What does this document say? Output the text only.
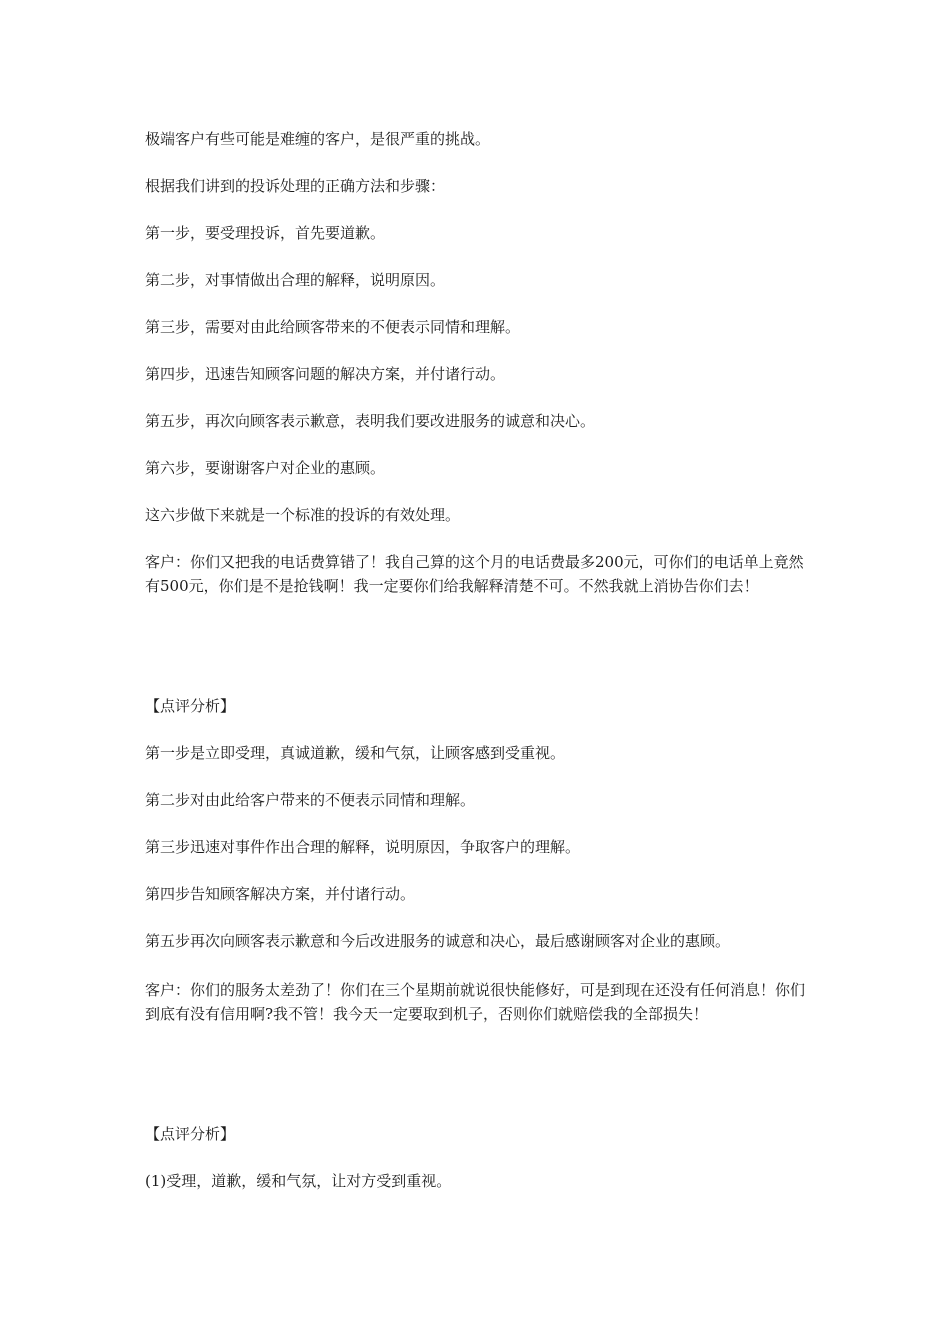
极端客户有些可能是难缠的客户，是很严重的挑战。

根据我们讲到的投诉处理的正确方法和步骤：

第一步，要受理投诉，首先要道歉。

第二步，对事情做出合理的解释，说明原因。

第三步，需要对由此给顾客带来的不便表示同情和理解。

第四步，迅速告知顾客问题的解决方案，并付诸行动。

第五步，再次向顾客表示歉意，表明我们要改进服务的诚意和决心。

第六步，要谢谢客户对企业的惠顾。

这六步做下来就是一个标准的投诉的有效处理。

客户：你们又把我的电话费算错了！我自己算的这个月的电话费最多200元，可你们的电话单上竟然有500元，你们是不是抢钱啊！我一定要你们给我解释清楚不可。不然我就上消协告你们去！

【点评分析】

第一步是立即受理，真诚道歉，缓和气氛，让顾客感到受重视。

第二步对由此给客户带来的不便表示同情和理解。

第三步迅速对事件作出合理的解释，说明原因，争取客户的理解。

第四步告知顾客解决方案，并付诸行动。

第五步再次向顾客表示歉意和今后改进服务的诚意和决心，最后感谢顾客对企业的惠顾。

客户：你们的服务太差劲了！你们在三个星期前就说很快能修好，可是到现在还没有任何消息！你们到底有没有信用啊?我不管！我今天一定要取到机子，否则你们就赔偿我的全部损失！

【点评分析】

(1)受理，道歉，缓和气氛，让对方受到重视。
